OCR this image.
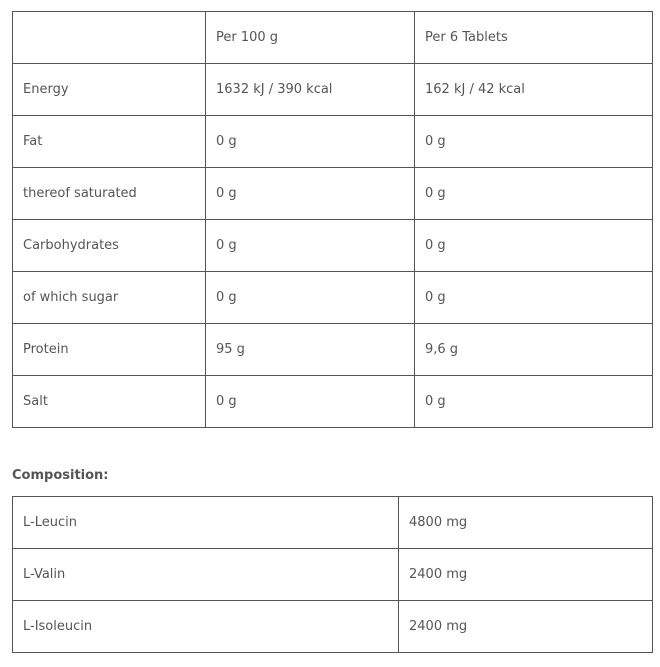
	Per 100 g	Per 6 Tablets
Energy	1632 kJ / 390 kcal	162 kJ / 42 kcal
Fat	0 g	0 g
thereof saturated	0 g	0 g
Carbohydrates	0 g	0 g
of which sugar	0 g	0 g
Protein	95 g	9,6 g
Salt	0 g	0 g

Composition:

L-Leucin	4800 mg
L-Valin	2400 mg
L-Isoleucin	2400 mg
